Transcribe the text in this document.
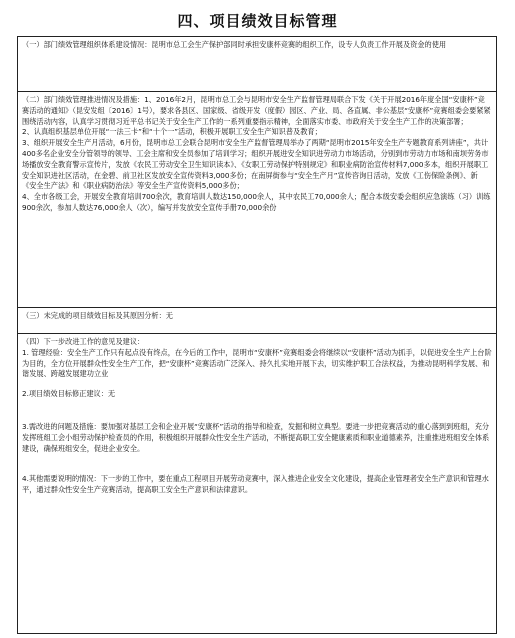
四、项目绩效目标管理

（一）部门绩效管理组织体系建设情况：昆明市总工会生产保护部同时承担安康杯竞赛的组织工作，设专人负责工作开展及资金的使用

（二）部门绩效管理推进情况及措施：1、2016年2月，昆明市总工会与昆明市安全生产监督管理局联合下发《关于开展2016年度全国“安康杯”竞赛活动的通知》（昆安发组〔2016〕1号），要求各县区、国家级、省级开发（度假）园区、产业、局、各直属、非公基层“安康杯”竞赛组委会要紧紧围绕活动内容，认真学习贯彻习近平总书记关于安全生产工作的一系列重要指示精神，全面落实市委、市政府关于安全生产工作的决策部署；

2、认真组织基层单位开展“一法三卡”和“十个一”活动，积极开展职工安全生产知识普及教育；

3、组织开展安全生产月活动，6月份，昆明市总工会联合昆明市安全生产监督管理局举办了两期“昆明市2015年安全生产专题教育系列讲座”，共计400多名企业安全分管领导的领导、工会主席和安全员参加了培训学习；组织开展进安全知识进劳动力市场活动，分别到市劳动力市场和南坝劳务市场播放安全教育警示宣传片，发放《农民工劳动安全卫生知识读本》、《女职工劳动保护特别规定》和职业病防治宣传材料7,000多本，组织开展职工安全知识进社区活动，在金碧、前卫社区发放安全宣传资料3,000多份；在南屏街参与“安全生产月”宣传咨询日活动，发放《工伤保险条例》、新《安全生产法》和《职业病防治法》等安全生产宣传资料5,000多份；

4、全市各级工会，开展安全教育培训700余次，教育培训人数达150,000余人，其中农民工70,000余人；配合本级安委会组织应急演练（习）训练900余次，参加人数达76,000余人（次），编写并发放安全宣传手册70,000余份

（三）未完成的项目绩效目标及其原因分析：无

（四）下一步改进工作的意见及建议：

1. 管理经验：安全生产工作只有起点没有终点，在今后的工作中，昆明市“安康杯”竞赛组委会将继续以“安康杯”活动为抓手，以促进安全生产上台阶为目的，全方位开展群众性安全生产工作，把“安康杯”竞赛活动广泛深入、持久扎实地开展下去，切实维护职工合法权益，为推动昆明科学发展、和谐发展、跨越发展建功立业

2.项目绩效目标修正建议：无

3.需改进的问题及措施：要加强对基层工会和企业开展“安康杯”活动的指导和检查，发掘和树立典型。要进一步把竞赛活动的重心落到到班组，充分发挥班组工会小组劳动保护检查员的作用，积极组织开展群众性安全生产活动，不断提高职工安全健康素质和职业道德素养，注重推进班组安全体系建设，确保班组安全，促进企业安全。

4.其他需要说明的情况：下一步的工作中，要在重点工程项目开展劳动竞赛中，深入推进企业安全文化建设，提高企业管理者安全生产意识和管理水平，通过群众性安全生产竞赛活动，提高职工安全生产意识和法律意识。
